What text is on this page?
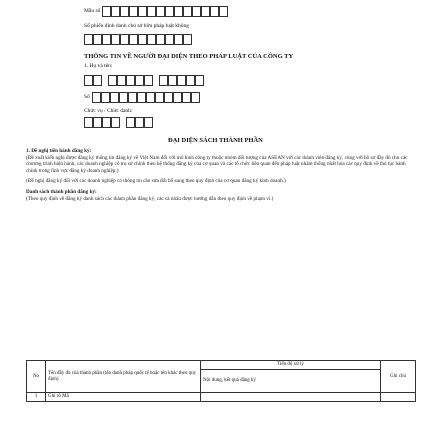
Mẫu số
Số phiếu định danh chủ sở hữu pháp luật không
THÔNG TIN VỀ NGƯỜI ĐẠI DIỆN THEO PHÁP LUẬT CỦA CÔNG TY
1. Họ và tên:
Số
Chức vụ / Chức danh:
ĐẠI DIỆN SÁCH THÀNH PHẦN
1. Đề nghị tiến hành đăng ký:
(Đề xuất kiến nghị được đăng ký thông tin đăng ký về Việt Nam đối với mô hình công ty thuộc nhóm đối tượng của ASEAN với các thành viên đăng ký, cùng với hồ sơ đầy đủ cho các chương trình hiện hành, các doanh nghiệp có trụ sở chính theo hệ thống đăng ký của cơ quan và các tổ chức liên quan đến pháp luật nhằm thống nhất hóa các quy định về thủ tục hành chính trong lĩnh vực đăng ký doanh nghiệp.)
(Đề nghị đăng ký đối với các doanh nghiệp có thông tin cần sửa đổi bổ sung theo quy định của cơ quan đăng ký kinh doanh.)
Danh sách thành phần đăng ký:
(Theo quy định về đăng ký danh sách các thành phần đăng ký, các cá nhân được hướng dẫn theo quy định về phạm vi.)
No	Tên đầy đủ của thành phần (tên danh pháp quốc tế hoặc tên khác theo quy định)	Tiến độ xử lý	Ghi chú
		Nội dung, kết quả đăng ký	
1	Ghi rõ Mã		
